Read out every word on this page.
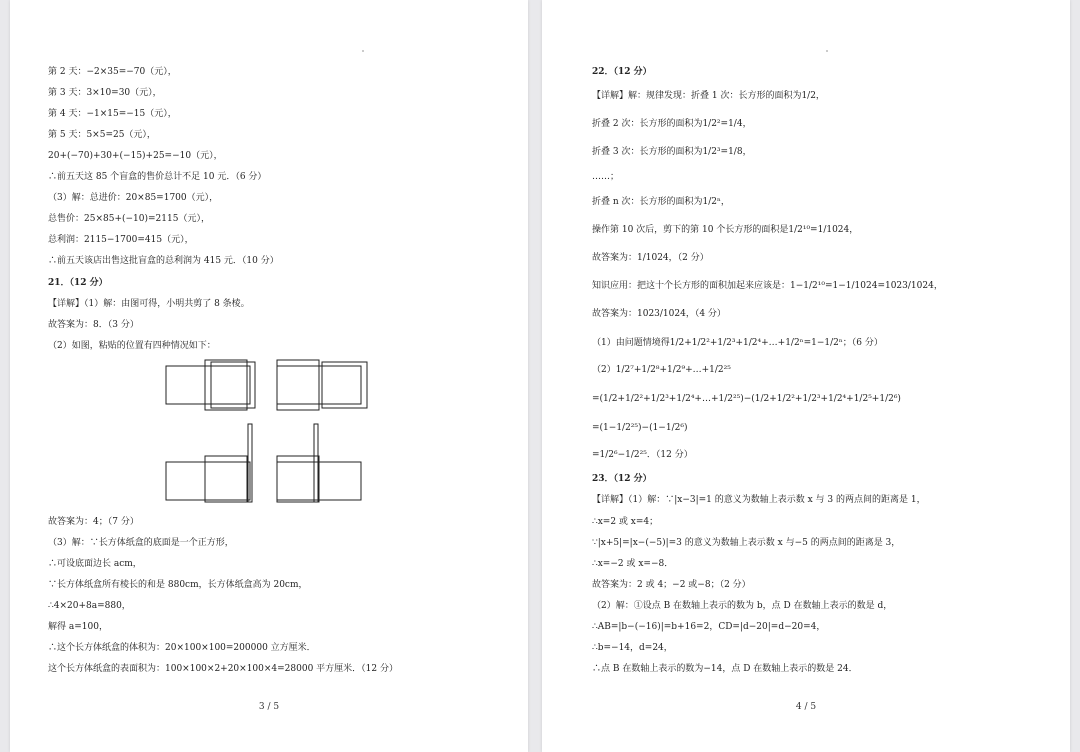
第 2 天：−2×35=−70（元），
第 3 天：3×10=30（元），
第 4 天：−1×15=−15（元），
第 5 天：5×5=25（元），
20+(−70)+30+(−15)+25=−10（元），
∴前五天这 85 个盲盒的售价总计不足 10 元．（6 分）
（3）解：总进价：20×85=1700（元），
总售价：25×85+(−10)=2115（元），
总利润：2115−1700=415（元），
∴前五天该店出售这批盲盒的总利润为 415 元．（10 分）
21．（12 分）
【详解】（1）解：由图可得，小明共剪了 8 条棱。
故答案为：8．（3 分）
（2）如图，粘贴的位置有四种情况如下：
故答案为：4；（7 分）
（3）解：∵长方体纸盒的底面是一个正方形，
∴可设底面边长 acm，
∵长方体纸盒所有棱长的和是 880cm，长方体纸盒高为 20cm，
∴4×20+8a=880，
解得 a=100，
∴这个长方体纸盒的体积为：20×100×100=200000 立方厘米．
这个长方体纸盒的表面积为：100×100×2+20×100×4=28000 平方厘米．（12 分）
3 / 5
22．（12 分）
【详解】解：规律发现：折叠 1 次：长方形的面积为1/2，
折叠 2 次：长方形的面积为1/2²=1/4，
折叠 3 次：长方形的面积为1/2³=1/8，
……；
折叠 n 次：长方形的面积为1/2ⁿ，
操作第 10 次后，剪下的第 10 个长方形的面积是1/2¹⁰=1/1024，
故答案为：1/1024，（2 分）
知识应用：把这十个长方形的面积加起来应该是：1−1/2¹⁰=1−1/1024=1023/1024，
故答案为：1023/1024，（4 分）
（1）由问题情境得1/2+1/2²+1/2³+1/2⁴+…+1/2ⁿ=1−1/2ⁿ；（6 分）
（2）1/2⁷+1/2⁸+1/2⁹+…+1/2²⁵
=(1/2+1/2²+1/2³+1/2⁴+…+1/2²⁵)−(1/2+1/2²+1/2³+1/2⁴+1/2⁵+1/2⁶)
=(1−1/2²⁵)−(1−1/2⁶)
=1/2⁶−1/2²⁵．（12 分）
23．（12 分）
【详解】（1）解：∵|x−3|=1 的意义为数轴上表示数 x 与 3 的两点间的距离是 1，
∴x=2 或 x=4；
∵|x+5|=|x−(−5)|=3 的意义为数轴上表示数 x 与−5 的两点间的距离是 3，
∴x=−2 或 x=−8．
故答案为：2 或 4；−2 或−8；（2 分）
（2）解：①设点 B 在数轴上表示的数为 b，点 D 在数轴上表示的数是 d，
∴AB=|b−(−16)|=b+16=2，CD=|d−20|=d−20=4，
∴b=−14，d=24，
∴点 B 在数轴上表示的数为−14，点 D 在数轴上表示的数是 24．
4 / 5
